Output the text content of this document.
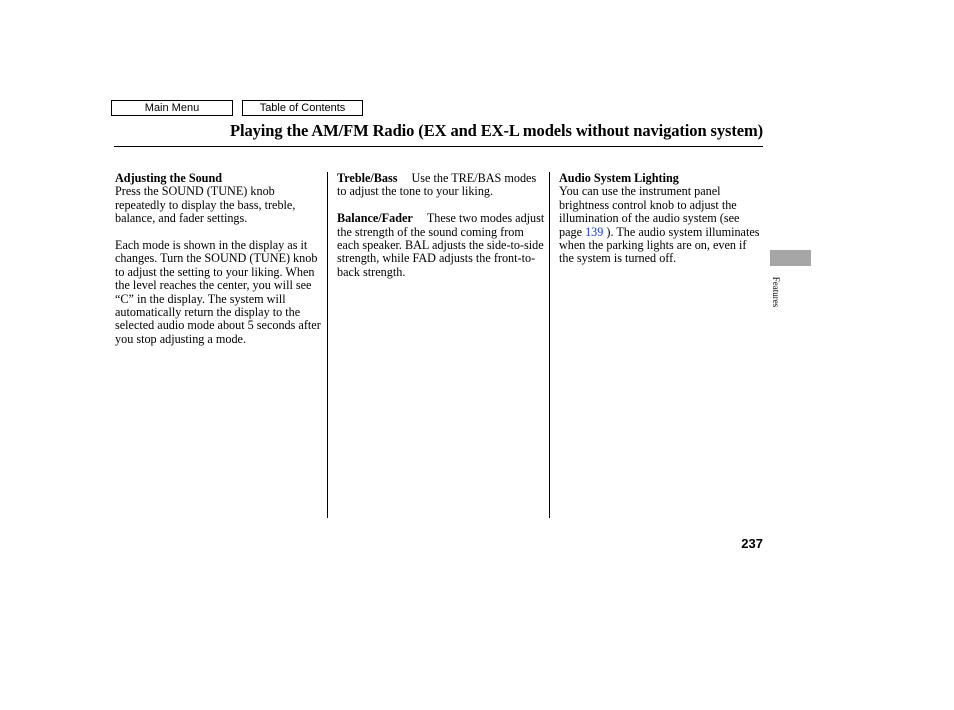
Main Menu	Table of Contents
Playing the AM/FM Radio (EX and EX-L models without navigation system)

Adjusting the Sound

Press the SOUND (TUNE) knob repeatedly to display the bass, treble, balance, and fader settings.

Each mode is shown in the display as it changes. Turn the SOUND (TUNE) knob to adjust the setting to your liking. When the level reaches the center, you will see “C” in the display. The system will automatically return the display to the selected audio mode about 5 seconds after you stop adjusting a mode.

Treble/Bass Use the TRE/BAS modes to adjust the tone to your liking.

Balance/Fader These two modes adjust the strength of the sound coming from each speaker. BAL adjusts the side-to-side strength, while FAD adjusts the front-to-back strength.

Audio System Lighting

You can use the instrument panel brightness control knob to adjust the illumination of the audio system (see page 139 ). The audio system illuminates when the parking lights are on, even if the system is turned off.

Features
237
